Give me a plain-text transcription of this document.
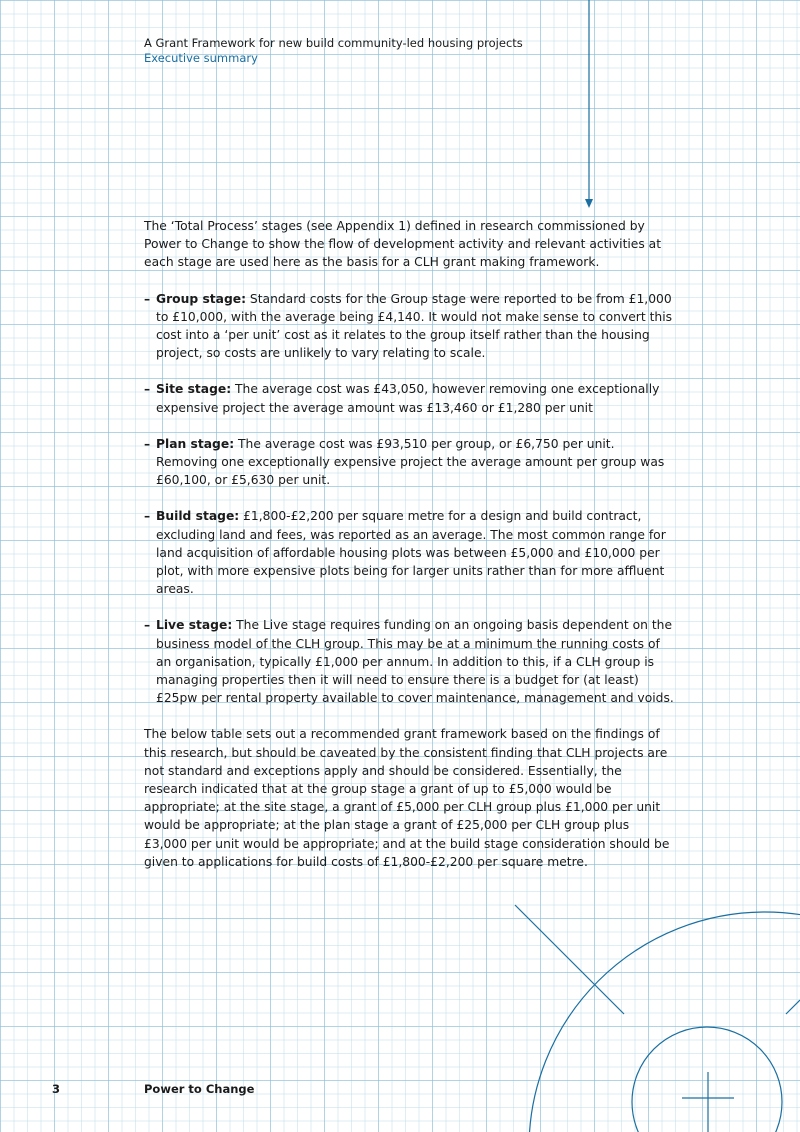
A Grant Framework for new build community-led housing projects
Executive summary

The ‘Total Process’ stages (see Appendix 1) defined in research commissioned by Power to Change to show the flow of development activity and relevant activities at each stage are used here as the basis for a CLH grant making framework.

– Group stage: Standard costs for the Group stage were reported to be from £1,000 to £10,000, with the average being £4,140. It would not make sense to convert this cost into a ‘per unit’ cost as it relates to the group itself rather than the housing project, so costs are unlikely to vary relating to scale.
– Site stage: The average cost was £43,050, however removing one exceptionally expensive project the average amount was £13,460 or £1,280 per unit
– Plan stage: The average cost was £93,510 per group, or £6,750 per unit. Removing one exceptionally expensive project the average amount per group was £60,100, or £5,630 per unit.
– Build stage: £1,800-£2,200 per square metre for a design and build contract, excluding land and fees, was reported as an average. The most common range for land acquisition of affordable housing plots was between £5,000 and £10,000 per plot, with more expensive plots being for larger units rather than for more affluent areas.
– Live stage: The Live stage requires funding on an ongoing basis dependent on the business model of the CLH group. This may be at a minimum the running costs of an organisation, typically £1,000 per annum. In addition to this, if a CLH group is managing properties then it will need to ensure there is a budget for (at least) £25pw per rental property available to cover maintenance, management and voids.

The below table sets out a recommended grant framework based on the findings of this research, but should be caveated by the consistent finding that CLH projects are not standard and exceptions apply and should be considered. Essentially, the research indicated that at the group stage a grant of up to £5,000 would be appropriate; at the site stage, a grant of £5,000 per CLH group plus £1,000 per unit would be appropriate; at the plan stage a grant of £25,000 per CLH group plus £3,000 per unit would be appropriate; and at the build stage consideration should be given to applications for build costs of £1,800-£2,200 per square metre.

3	Power to Change
